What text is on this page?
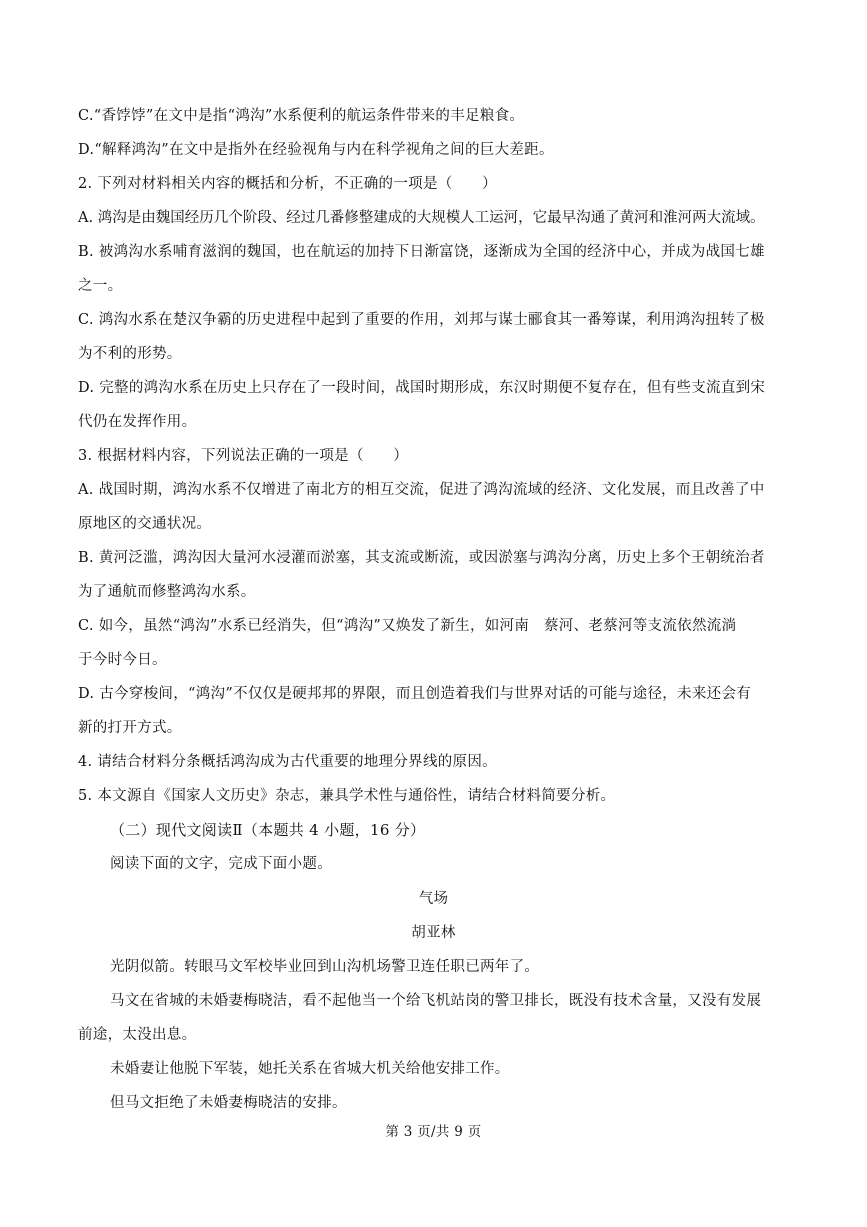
C.“香饽饽”在文中是指“鸿沟”水系便利的航运条件带来的丰足粮食。
D.“解释鸿沟”在文中是指外在经验视角与内在科学视角之间的巨大差距。
2. 下列对材料相关内容的概括和分析，不正确的一项是（　　）
A. 鸿沟是由魏国经历几个阶段、经过几番修整建成的大规模人工运河，它最早沟通了黄河和淮河两大流域。
B. 被鸿沟水系哺育滋润的魏国，也在航运的加持下日渐富饶，逐渐成为全国的经济中心，并成为战国七雄
之一。
C. 鸿沟水系在楚汉争霸的历史进程中起到了重要的作用，刘邦与谋士郦食其一番筹谋，利用鸿沟扭转了极
为不利的形势。
D. 完整的鸿沟水系在历史上只存在了一段时间，战国时期形成，东汉时期便不复存在，但有些支流直到宋
代仍在发挥作用。
3. 根据材料内容，下列说法正确的一项是（　　）
A. 战国时期，鸿沟水系不仅增进了南北方的相互交流，促进了鸿沟流域的经济、文化发展，而且改善了中
原地区的交通状况。
B. 黄河泛滥，鸿沟因大量河水浸灌而淤塞，其支流或断流，或因淤塞与鸿沟分离，历史上多个王朝统治者
为了通航而修整鸿沟水系。
C. 如今，虽然“鸿沟”水系已经消失，但“鸿沟”又焕发了新生，如河南　蔡河、老蔡河等支流依然流淌
于今时今日。
D. 古今穿梭间，“鸿沟”不仅仅是硬邦邦的界限，而且创造着我们与世界对话的可能与途径，未来还会有
新的打开方式。
4. 请结合材料分条概括鸿沟成为古代重要的地理分界线的原因。
5. 本文源自《国家人文历史》杂志，兼具学术性与通俗性，请结合材料简要分析。
（二）现代文阅读Ⅱ（本题共 4 小题，16 分）
阅读下面的文字，完成下面小题。
气场
胡亚林
光阴似箭。转眼马文军校毕业回到山沟机场警卫连任职已两年了。
马文在省城的未婚妻梅晓洁，看不起他当一个给飞机站岗的警卫排长，既没有技术含量，又没有发展
前途，太没出息。
未婚妻让他脱下军装，她托关系在省城大机关给他安排工作。
但马文拒绝了未婚妻梅晓洁的安排。
第 3 页/共 9 页
